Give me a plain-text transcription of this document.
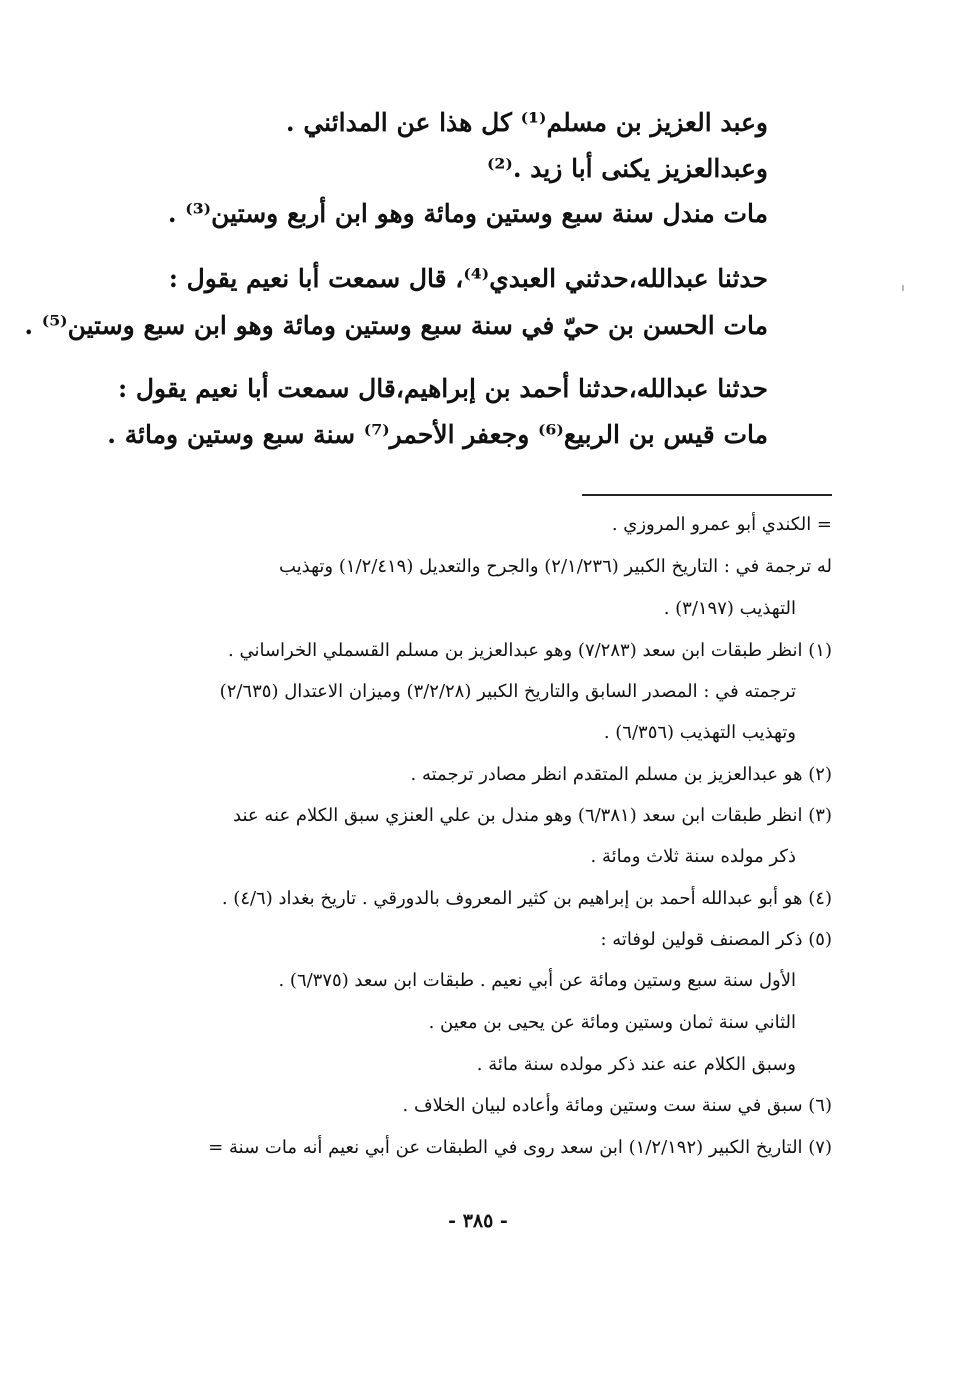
وعبد العزيز بن مسلم⁽¹⁾ كل هذا عن المدائني .
وعبدالعزيز يكنى أبا زيد .⁽²⁾
مات مندل سنة سبع وستين ومائة وهو ابن أربع وستين⁽³⁾ .
حدثنا عبدالله،حدثني العبدي⁽⁴⁾، قال سمعت أبا نعيم يقول :
مات الحسن بن حيّ في سنة سبع وستين ومائة وهو ابن سبع وستين⁽⁵⁾ .
حدثنا عبدالله،حدثنا أحمد بن إبراهيم،قال سمعت أبا نعيم يقول :
مات قيس بن الربيع⁽⁶⁾ وجعفر الأحمر⁽⁷⁾ سنة سبع وستين ومائة .
= الكندي أبو عمرو المروزي .
له ترجمة في : التاريخ الكبير (٢/١/٢٣٦) والجرح والتعديل (١/٢/٤١٩) وتهذيب
التهذيب (٣/١٩٧) .
(١) انظر طبقات ابن سعد (٧/٢٨٣) وهو عبدالعزيز بن مسلم القسملي الخراساني .
ترجمته في : المصدر السابق والتاريخ الكبير (٣/٢/٢٨) وميزان الاعتدال (٢/٦٣٥)
وتهذيب التهذيب (٦/٣٥٦) .
(٢) هو عبدالعزيز بن مسلم المتقدم انظر مصادر ترجمته .
(٣) انظر طبقات ابن سعد (٦/٣٨١) وهو مندل بن علي العنزي سبق الكلام عنه عند
ذكر مولده سنة ثلاث ومائة .
(٤) هو أبو عبدالله أحمد بن إبراهيم بن كثير المعروف بالدورقي . تاريخ بغداد (٤/٦) .
(٥) ذكر المصنف قولين لوفاته :
الأول سنة سبع وستين ومائة عن أبي نعيم . طبقات ابن سعد (٦/٣٧٥) .
الثاني سنة ثمان وستين ومائة عن يحيى بن معين .
وسبق الكلام عنه عند ذكر مولده سنة مائة .
(٦) سبق في سنة ست وستين ومائة وأعاده لبيان الخلاف .
(٧) التاريخ الكبير (١/٢/١٩٢) ابن سعد روى في الطبقات عن أبي نعيم أنه مات سنة =
- ٣٨٥ -
